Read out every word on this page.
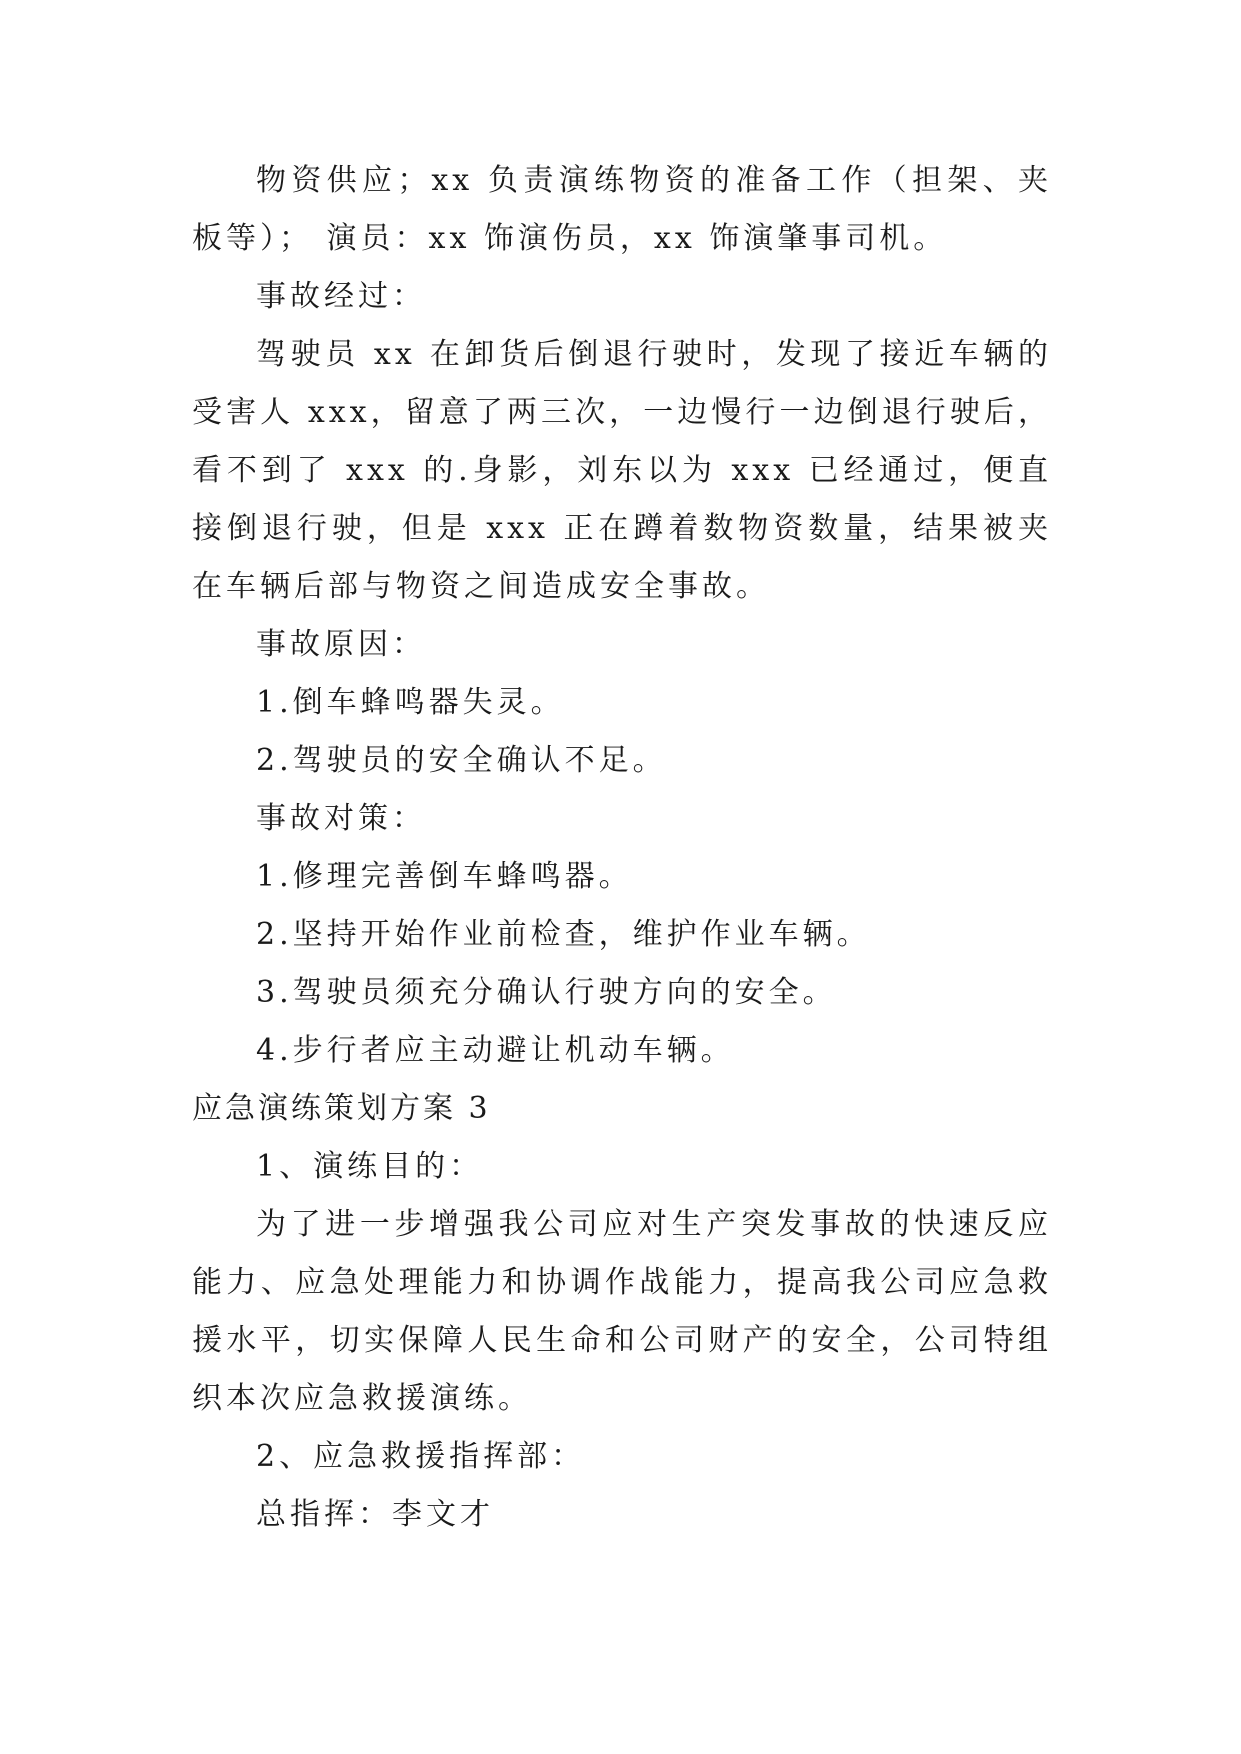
物资供应；xx 负责演练物资的准备工作（担架、夹板等）； 演员：xx 饰演伤员，xx 饰演肇事司机。

事故经过：

驾驶员 xx 在卸货后倒退行驶时，发现了接近车辆的受害人 xxx，留意了两三次，一边慢行一边倒退行驶后，看不到了 xxx 的.身影，刘东以为 xxx 已经通过，便直接倒退行驶，但是 xxx 正在蹲着数物资数量，结果被夹在车辆后部与物资之间造成安全事故。

事故原因：

1.倒车蜂鸣器失灵。

2.驾驶员的安全确认不足。

事故对策：

1.修理完善倒车蜂鸣器。

2.坚持开始作业前检查，维护作业车辆。

3.驾驶员须充分确认行驶方向的安全。

4.步行者应主动避让机动车辆。

应急演练策划方案 3

1、演练目的：

为了进一步增强我公司应对生产突发事故的快速反应能力、应急处理能力和协调作战能力，提高我公司应急救援水平，切实保障人民生命和公司财产的安全，公司特组织本次应急救援演练。

2、应急救援指挥部：

总指挥：李文才
